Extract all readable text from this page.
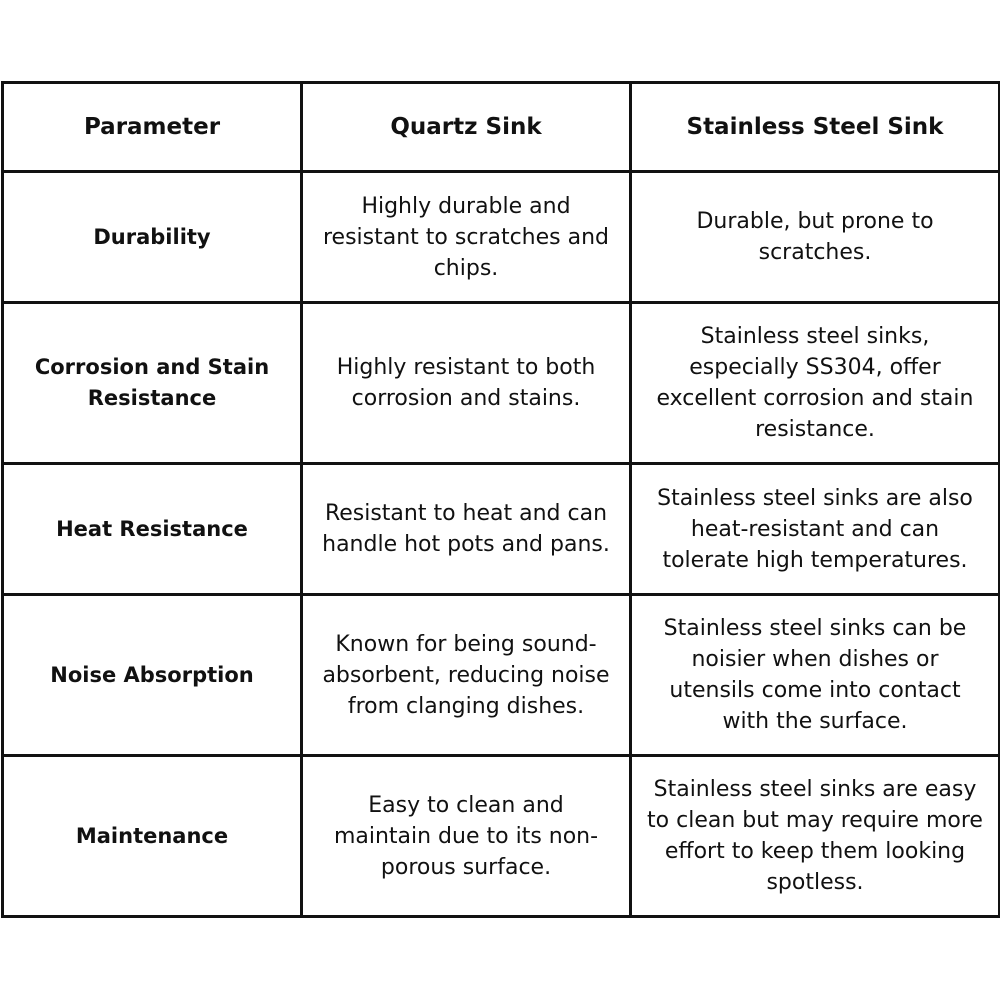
Parameter	Quartz Sink	Stainless Steel Sink
Durability	Highly durable and resistant to scratches and chips.	Durable, but prone to scratches.
Corrosion and Stain Resistance	Highly resistant to both corrosion and stains.	Stainless steel sinks, especially SS304, offer excellent corrosion and stain resistance.
Heat Resistance	Resistant to heat and can handle hot pots and pans.	Stainless steel sinks are also heat-resistant and can tolerate high temperatures.
Noise Absorption	Known for being sound-absorbent, reducing noise from clanging dishes.	Stainless steel sinks can be noisier when dishes or utensils come into contact with the surface.
Maintenance	Easy to clean and maintain due to its non-porous surface.	Stainless steel sinks are easy to clean but may require more effort to keep them looking spotless.
